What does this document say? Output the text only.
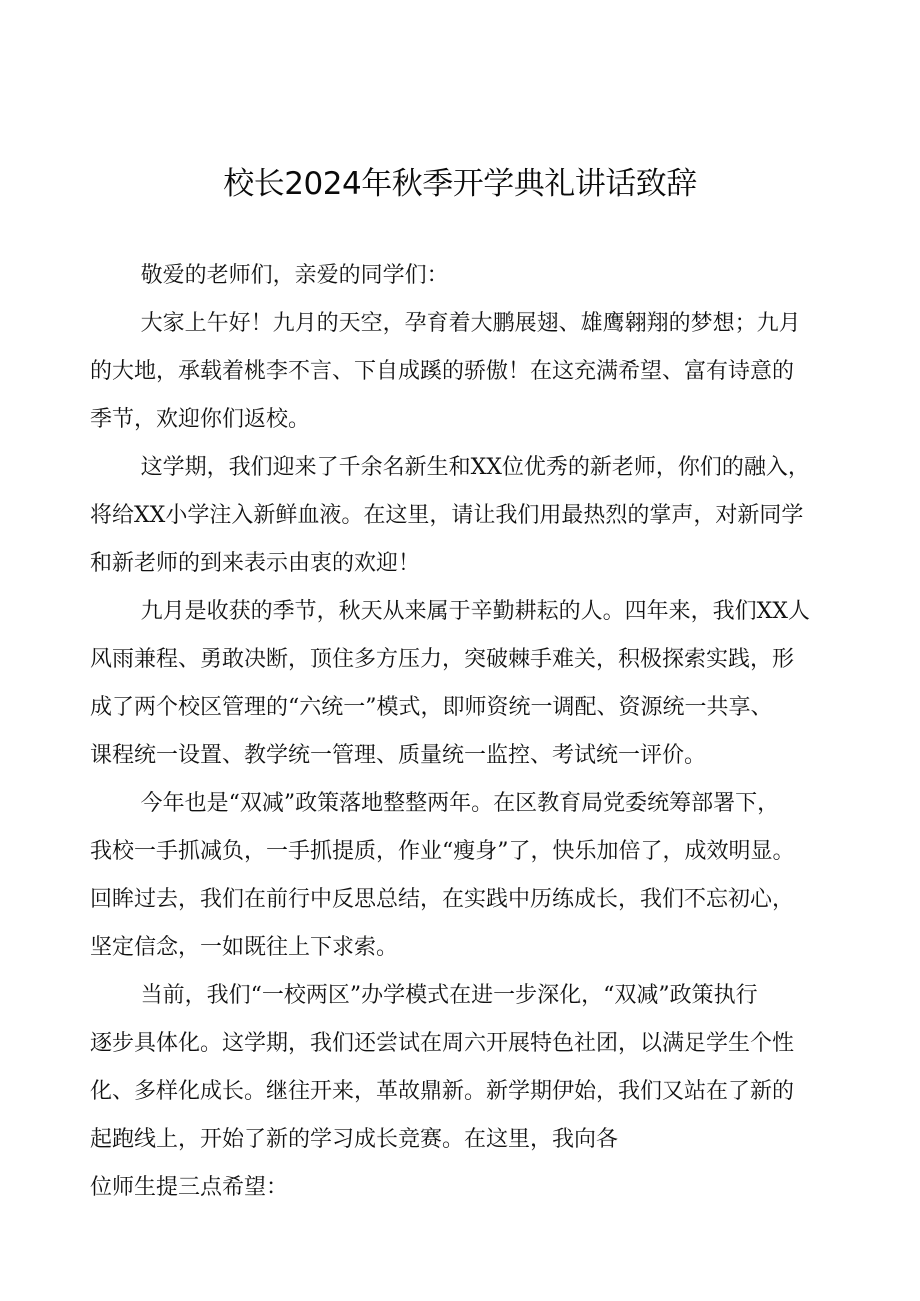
校长2024年秋季开学典礼讲话致辞

敬爱的老师们，亲爱的同学们：

大家上午好！九月的天空，孕育着大鹏展翅、雄鹰翱翔的梦想；九月
的大地，承载着桃李不言、下自成蹊的骄傲！在这充满希望、富有诗意的
季节，欢迎你们返校。

这学期，我们迎来了千余名新生和XX位优秀的新老师，你们的融入，
将给XX小学注入新鲜血液。在这里，请让我们用最热烈的掌声，对新同学
和新老师的到来表示由衷的欢迎！

九月是收获的季节，秋天从来属于辛勤耕耘的人。四年来，我们XX人
风雨兼程、勇敢决断，顶住多方压力，突破棘手难关，积极探索实践，形
成了两个校区管理的“六统一”模式，即师资统一调配、资源统一共享、
课程统一设置、教学统一管理、质量统一监控、考试统一评价。

今年也是“双减”政策落地整整两年。在区教育局党委统筹部署下，
我校一手抓减负，一手抓提质，作业“瘦身”了，快乐加倍了，成效明显。
回眸过去，我们在前行中反思总结，在实践中历练成长，我们不忘初心，
坚定信念，一如既往上下求索。

当前，我们“一校两区”办学模式在进一步深化，“双减”政策执行
逐步具体化。这学期，我们还尝试在周六开展特色社团，以满足学生个性
化、多样化成长。继往开来，革故鼎新。新学期伊始，我们又站在了新的
起跑线上，开始了新的学习成长竞赛。在这里，我向各

位师生提三点希望：
